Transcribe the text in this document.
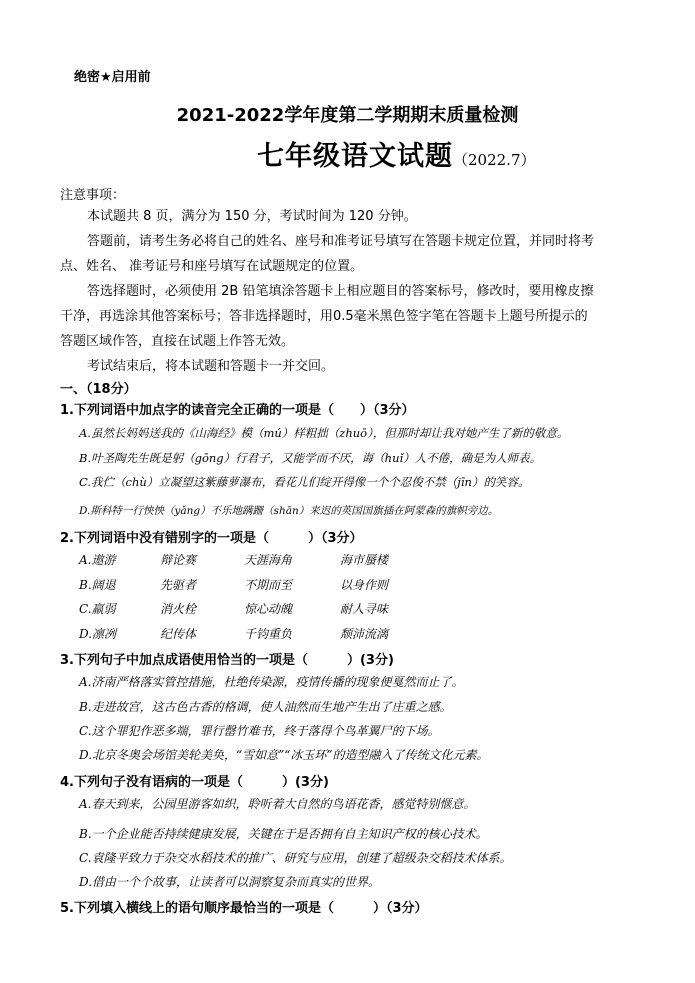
绝密★启用前
2021-2022学年度第二学期期末质量检测
七年级语文试题（2022.7）
注意事项：
本试题共 8 页，满分为 150 分，考试时间为 120 分钟。
答题前，请考生务必将自己的姓名、座号和准考证号填写在答题卡规定位置，并同时将考
点、姓名、 准考证号和座号填写在试题规定的位置。
答选择题时，必须使用 2B 铅笔填涂答题卡上相应题目的答案标号，修改时，要用橡皮擦
干净，再选涂其他答案标号；答非选择题时，用0.5毫米黑色签字笔在答题卡上题号所提示的
答题区域作答，直接在试题上作答无效。
考试结束后，将本试题和答题卡一并交回。
一、（18分）
1.下列词语中加点字的读音完全正确的一项是（　　）（3分）
A.虽然长妈妈送我的《山海经》模（mú）样粗拙（zhuō），但那时却让我对她产生了新的敬意。
B.叶圣陶先生既是躬（gōng）行君子，又能学而不厌，诲（huǐ）人不倦，确是为人师表。
C.我伫（chù）立凝望这紫藤萝瀑布，看花儿们绽开得像一个个忍俊不禁（jīn）的笑容。
D.斯科特一行怏怏（yǎng）不乐地蹒跚（shān）来迟的英国国旗插在阿蒙森的旗帜旁边。
2.下列词语中没有错别字的一项是（　　　）（3分）
A.遨游	辩论赛	天涯海角	海市蜃楼
B.阔退	先驱者	不期而至	以身作则
C.羸弱	消火栓	惊心动魄	耐人寻味
D.凛冽	纪传体	千钧重负	颓沛流漓
3.下列句子中加点成语使用恰当的一项是（　　　）(3分)
A.济南严格落实管控措施，杜绝传染源，疫情传播的现象便戛然而止了。
B.走进故宫，这古色古香的格调，使人油然而生地产生出了庄重之感。
C.这个罪犯作恶多端，罪行罄竹难书，终于落得个鸟革翼尸的下场。
D.北京冬奥会场馆美轮美奂，“雪如意”“冰玉环”的造型融入了传统文化元素。
4.下列句子没有语病的一项是（　　　）(3分)
A.春天到来，公园里游客如织，聆听着大自然的鸟语花香，感觉特别惬意。
B.一个企业能否持续健康发展，关键在于是否拥有自主知识产权的核心技术。
C.袁隆平致力于杂交水稻技术的推广、研究与应用，创建了超级杂交稻技术体系。
D.借由一个个故事，让读者可以洞察复杂而真实的世界。
5.下列填入横线上的语句顺序最恰当的一项是（　　　）（3分）
